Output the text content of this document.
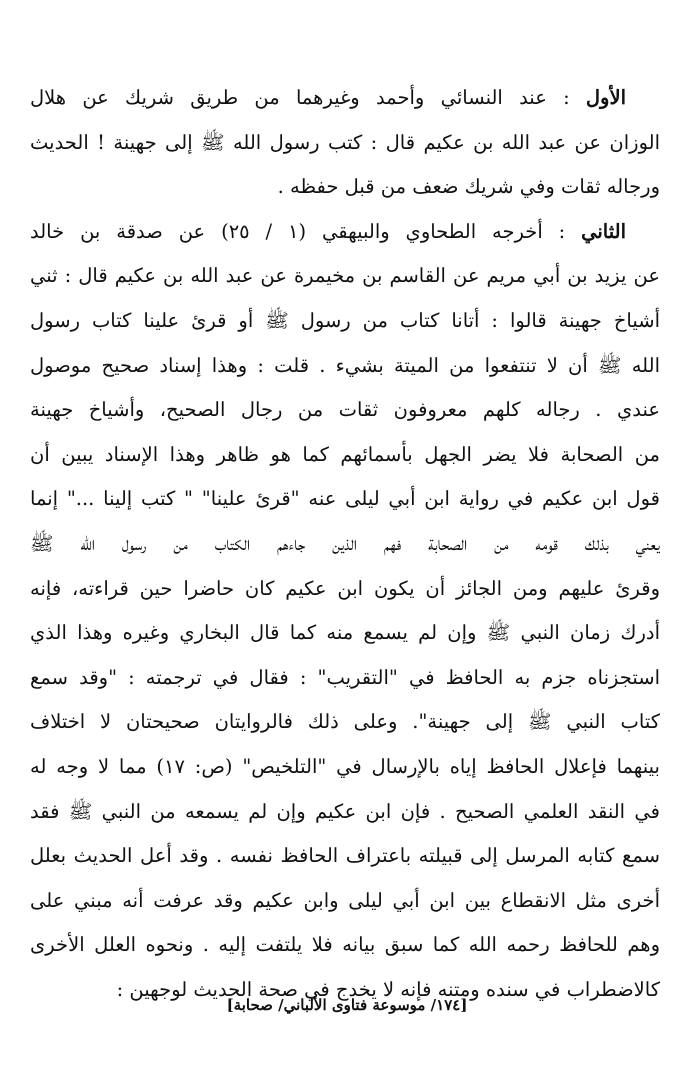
الأول : عند النسائي وأحمد وغيرهما من طريق شريك عن هلال
الوزان عن عبد الله بن عكيم قال : كتب رسول الله ﷺ إلى جهينة ! الحديث
ورجاله ثقات وفي شريك ضعف من قبل حفظه .
الثاني : أخرجه الطحاوي والبيهقي (١ / ٢٥) عن صدقة بن خالد
عن يزيد بن أبي مريم عن القاسم بن مخيمرة عن عبد الله بن عكيم قال : ثني
أشياخ جهينة قالوا : أتانا كتاب من رسول ﷺ أو قرئ علينا كتاب رسول
الله ﷺ أن لا تنتفعوا من الميتة بشيء . قلت : وهذا إسناد صحيح موصول
عندي . رجاله كلهم معروفون ثقات من رجال الصحيح، وأشياخ جهينة
من الصحابة فلا يضر الجهل بأسمائهم كما هو ظاهر وهذا الإسناد يبين أن
قول ابن عكيم في رواية ابن أبي ليلى عنه "قرئ علينا" " كتب إلينا ..." إنما
يعني بذلك قومه من الصحابة فهم الذين جاءهم الكتاب من رسول الله ﷺ
وقرئ عليهم ومن الجائز أن يكون ابن عكيم كان حاضرا حين قراءته، فإنه
أدرك زمان النبي ﷺ وإن لم يسمع منه كما قال البخاري وغيره وهذا الذي
استجزناه جزم به الحافظ في "التقريب" : فقال في ترجمته : "وقد سمع
كتاب النبي ﷺ إلى جهينة". وعلى ذلك فالروايتان صحيحتان لا اختلاف
بينهما فإعلال الحافظ إياه بالإرسال في "التلخيص" (ص: ١٧) مما لا وجه له
في النقد العلمي الصحيح . فإن ابن عكيم وإن لم يسمعه من النبي ﷺ فقد
سمع كتابه المرسل إلى قبيلته باعتراف الحافظ نفسه . وقد أعل الحديث بعلل
أخرى مثل الانقطاع بين ابن أبي ليلى وابن عكيم وقد عرفت أنه مبني على
وهم للحافظ رحمه الله كما سبق بيانه فلا يلتفت إليه . ونحوه العلل الأخرى
كالاضطراب في سنده ومتنه فإنه لا يخدج في صحة الحديث لوجهين :
[١٧٤/ موسوعة فتاوى الألباني/ صحابة]
